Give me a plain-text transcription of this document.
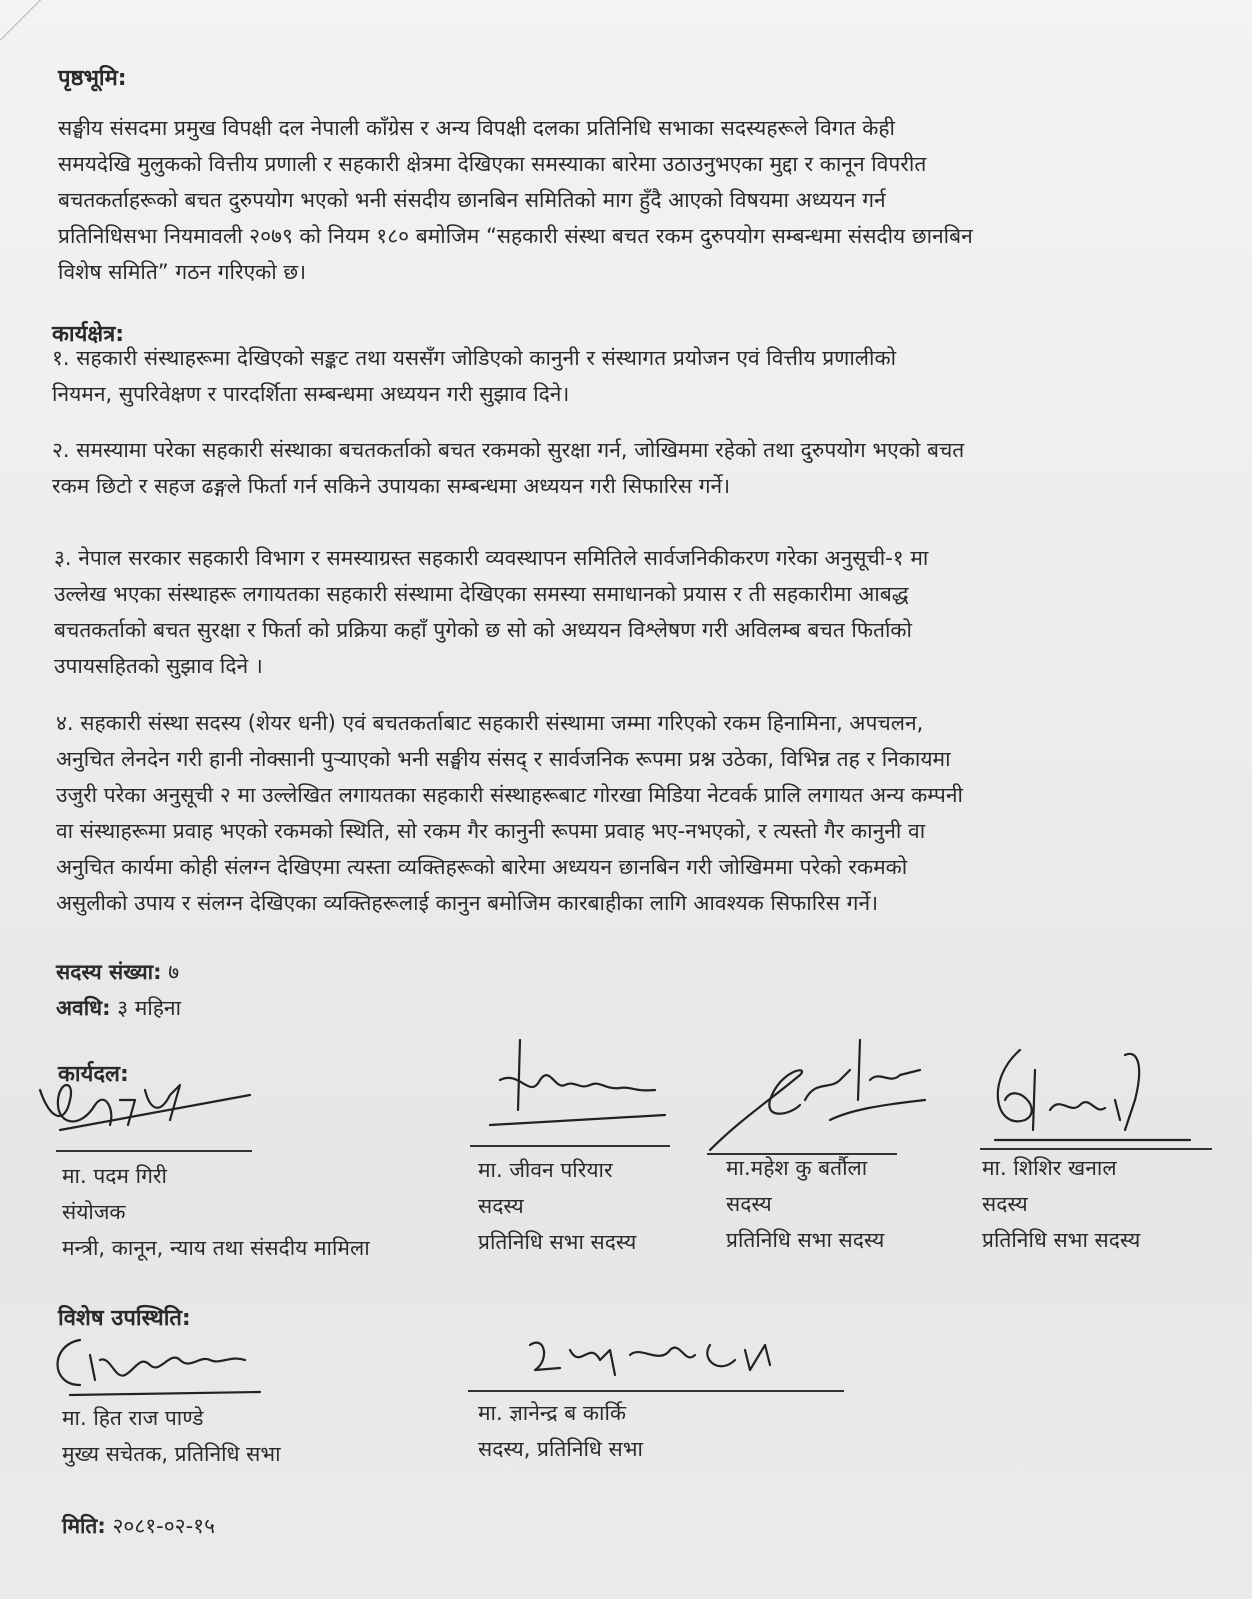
पृष्ठभूमि:
सङ्घीय संसदमा प्रमुख विपक्षी दल नेपाली काँग्रेस र अन्य विपक्षी दलका प्रतिनिधि सभाका सदस्यहरूले विगत केही
समयदेखि मुलुकको वित्तीय प्रणाली र सहकारी क्षेत्रमा देखिएका समस्याका बारेमा उठाउनुभएका मुद्दा र कानून विपरीत
बचतकर्ताहरूको बचत दुरुपयोग भएको भनी संसदीय छानबिन समितिको माग हुँदै आएको विषयमा अध्ययन गर्न
प्रतिनिधिसभा नियमावली २०७९ को नियम १८० बमोजिम “सहकारी संस्था बचत रकम दुरुपयोग सम्बन्धमा संसदीय छानबिन
विशेष समिति” गठन गरिएको छ।
कार्यक्षेत्र:
१. सहकारी संस्थाहरूमा देखिएको सङ्कट तथा यससँग जोडिएको कानुनी र संस्थागत प्रयोजन एवं वित्तीय प्रणालीको
नियमन, सुपरिवेक्षण र पारदर्शिता सम्बन्धमा अध्ययन गरी सुझाव दिने।
२. समस्यामा परेका सहकारी संस्थाका बचतकर्ताको बचत रकमको सुरक्षा गर्न, जोखिममा रहेको तथा दुरुपयोग भएको बचत
रकम छिटो र सहज ढङ्गले फिर्ता गर्न सकिने उपायका सम्बन्धमा अध्ययन गरी सिफारिस गर्ने।
३. नेपाल सरकार सहकारी विभाग र समस्याग्रस्त सहकारी व्यवस्थापन समितिले सार्वजनिकीकरण गरेका अनुसूची-१ मा
उल्लेख भएका संस्थाहरू लगायतका सहकारी संस्थामा देखिएका समस्या समाधानको प्रयास र ती सहकारीमा आबद्ध
बचतकर्ताको बचत सुरक्षा र फिर्ता को प्रक्रिया कहाँ पुगेको छ सो को अध्ययन विश्लेषण गरी अविलम्ब बचत फिर्ताको
उपायसहितको सुझाव दिने ।
४. सहकारी संस्था सदस्य (शेयर धनी) एवं बचतकर्ताबाट सहकारी संस्थामा जम्मा गरिएको रकम हिनामिना, अपचलन,
अनुचित लेनदेन गरी हानी नोक्सानी पुऱ्याएको भनी सङ्घीय संसद् र सार्वजनिक रूपमा प्रश्न उठेका, विभिन्न तह र निकायमा
उजुरी परेका अनुसूची २ मा उल्लेखित लगायतका सहकारी संस्थाहरूबाट गोरखा मिडिया नेटवर्क प्रालि लगायत अन्य कम्पनी
वा संस्थाहरूमा प्रवाह भएको रकमको स्थिति, सो रकम गैर कानुनी रूपमा प्रवाह भए-नभएको, र त्यस्तो गैर कानुनी वा
अनुचित कार्यमा कोही संलग्न देखिएमा त्यस्ता व्यक्तिहरूको बारेमा अध्ययन छानबिन गरी जोखिममा परेको रकमको
असुलीको उपाय र संलग्न देखिएका व्यक्तिहरूलाई कानुन बमोजिम कारबाहीका लागि आवश्यक सिफारिस गर्ने।
सदस्य संख्या: ७
अवधि: ३ महिना
कार्यदल:
मा. पदम गिरी
संयोजक
मन्त्री, कानून, न्याय तथा संसदीय मामिला
मा. जीवन परियार
सदस्य
प्रतिनिधि सभा सदस्य
मा.महेश कु बर्तौला
सदस्य
प्रतिनिधि सभा सदस्य
मा. शिशिर खनाल
सदस्य
प्रतिनिधि सभा सदस्य
विशेष उपस्थिति:
मा. हित राज पाण्डे
मुख्य सचेतक, प्रतिनिधि सभा
मा. ज्ञानेन्द्र ब कार्कि
सदस्य, प्रतिनिधि सभा
मिति: २०८१-०२-१५
